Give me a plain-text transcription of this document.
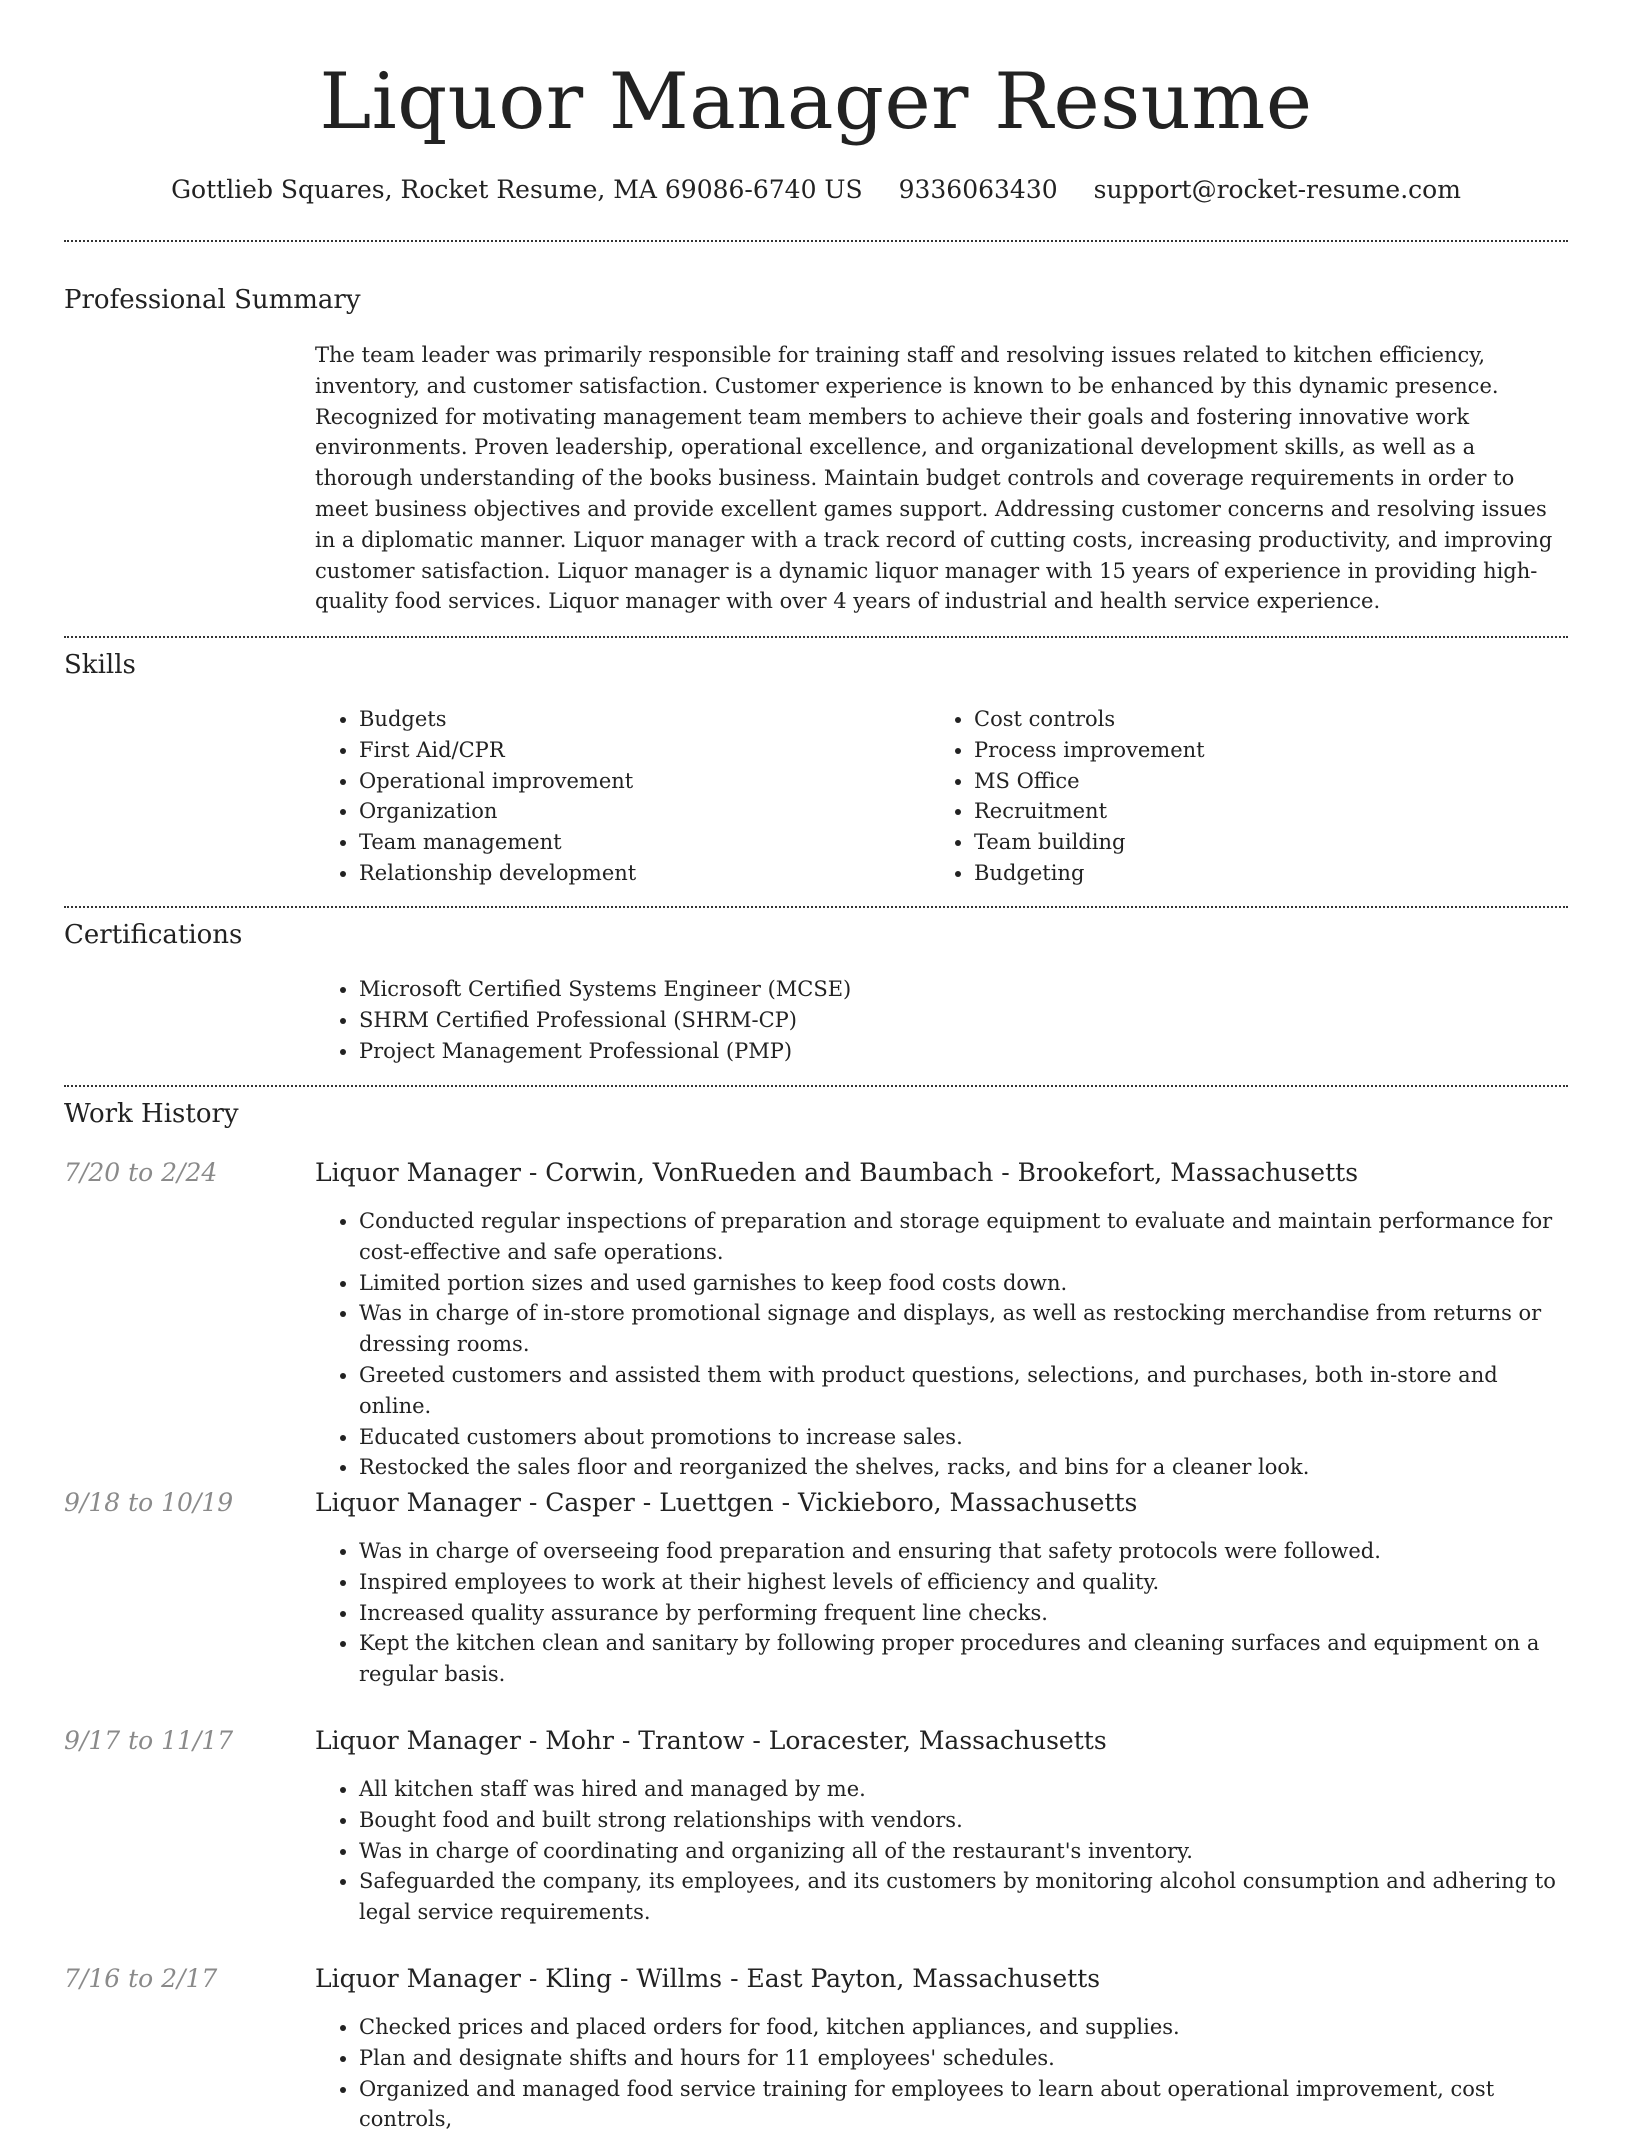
Liquor Manager Resume
Gottlieb Squares, Rocket Resume, MA 69086-6740 US 9336063430 support@rocket-resume.com
Professional Summary

The team leader was primarily responsible for training staff and resolving issues related to kitchen efficiency, inventory, and customer satisfaction. Customer experience is known to be enhanced by this dynamic presence. Recognized for motivating management team members to achieve their goals and fostering innovative work environments. Proven leadership, operational excellence, and organizational development skills, as well as a thorough understanding of the books business. Maintain budget controls and coverage requirements in order to meet business objectives and provide excellent games support. Addressing customer concerns and resolving issues in a diplomatic manner. Liquor manager with a track record of cutting costs, increasing productivity, and improving customer satisfaction. Liquor manager is a dynamic liquor manager with 15 years of experience in providing high-quality food services. Liquor manager with over 4 years of industrial and health service experience.

Skills
• Budgets
• First Aid/CPR
• Operational improvement
• Organization
• Team management
• Relationship development
• Cost controls
• Process improvement
• MS Office
• Recruitment
• Team building
• Budgeting
Certifications
• Microsoft Certified Systems Engineer (MCSE)
• SHRM Certified Professional (SHRM-CP)
• Project Management Professional (PMP)
Work History
7/20 to 2/24	Liquor Manager - Corwin, VonRueden and Baumbach - Brookefort, Massachusetts
• Conducted regular inspections of preparation and storage equipment to evaluate and maintain performance for cost-effective and safe operations.
• Limited portion sizes and used garnishes to keep food costs down.
• Was in charge of in-store promotional signage and displays, as well as restocking merchandise from returns or dressing rooms.
• Greeted customers and assisted them with product questions, selections, and purchases, both in-store and online.
• Educated customers about promotions to increase sales.
• Restocked the sales floor and reorganized the shelves, racks, and bins for a cleaner look.
9/18 to 10/19	Liquor Manager - Casper - Luettgen - Vickieboro, Massachusetts
• Was in charge of overseeing food preparation and ensuring that safety protocols were followed.
• Inspired employees to work at their highest levels of efficiency and quality.
• Increased quality assurance by performing frequent line checks.
• Kept the kitchen clean and sanitary by following proper procedures and cleaning surfaces and equipment on a regular basis.
9/17 to 11/17	Liquor Manager - Mohr - Trantow - Loracester, Massachusetts
• All kitchen staff was hired and managed by me.
• Bought food and built strong relationships with vendors.
• Was in charge of coordinating and organizing all of the restaurant's inventory.
• Safeguarded the company, its employees, and its customers by monitoring alcohol consumption and adhering to legal service requirements.
7/16 to 2/17	Liquor Manager - Kling - Willms - East Payton, Massachusetts
• Checked prices and placed orders for food, kitchen appliances, and supplies.
• Plan and designate shifts and hours for 11 employees' schedules.
• Organized and managed food service training for employees to learn about operational improvement, cost controls,
